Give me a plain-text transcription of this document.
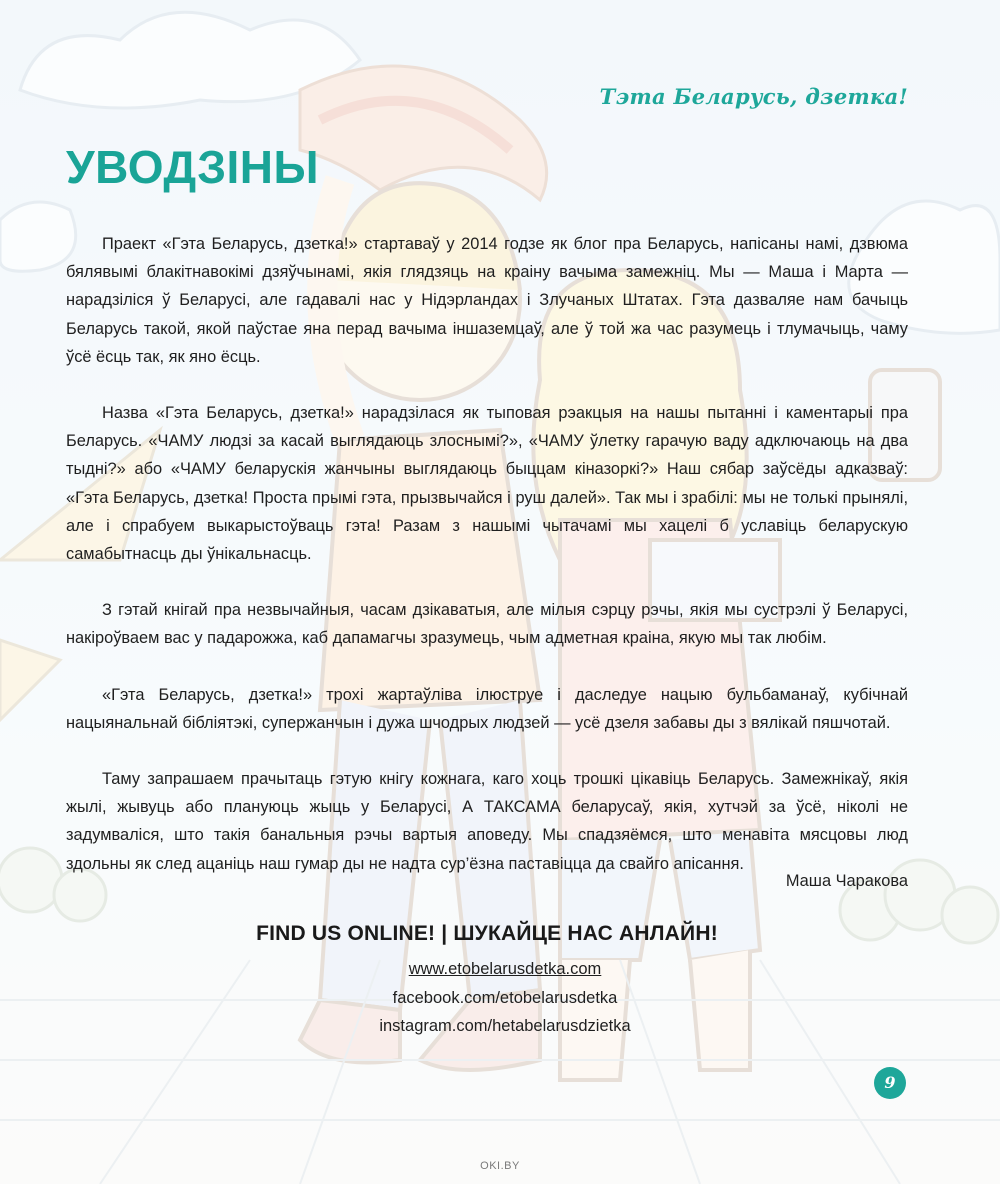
Тэта Беларусь, дзетка!
УВОДЗІНЫ

Праект «Гэта Беларусь, дзетка!» стартаваў у 2014 годзе як блог пра Беларусь, напісаны намі, дзвюма бялявымі блакітнавокімі дзяўчынамі, якія глядзяць на краіну вачыма замежніц. Мы — Маша і Марта — нарадзіліся ў Беларусі, але гадавалі нас у Нідэрландах і Злучаных Штатах. Гэта дазваляе нам бачыць Беларусь такой, якой паўстае яна перад вачыма іншаземцаў, але ў той жа час разумець і тлумачыць, чаму ўсё ёсць так, як яно ёсць.

Назва «Гэта Беларусь, дзетка!» нарадзілася як тыповая рэакцыя на нашы пытанні і каментарыі пра Беларусь. «ЧАМУ людзі за касай выглядаюць злоснымі?», «ЧАМУ ўлетку гарачую ваду адключаюць на два тыдні?» або «ЧАМУ беларускія жанчыны выглядаюць быццам кіназоркі?» Наш сябар заўсёды адказваў: «Гэта Беларусь, дзетка! Проста прымі гэта, прызвычайся і руш далей». Так мы і зрабілі: мы не толькі прынялі, але і спрабуем выкарыстоўваць гэта! Разам з нашымі чытачамі мы хацелі б уславіць беларускую самабытнасць ды ўнікальнасць.

З гэтай кнігай пра незвычайныя, часам дзікаватыя, але мілыя сэрцу рэчы, якія мы сустрэлі ў Беларусі, накіроўваем вас у падарожжа, каб дапамагчы зразумець, чым адметная краіна, якую мы так любім.

«Гэта Беларусь, дзетка!» трохі жартаўліва ілюструе і даследуе нацыю бульбаманаў, кубічнай нацыянальнай бібліятэкі, супержанчын і дужа шчодрых людзей — усё дзеля забавы ды з вялікай пяшчотай.

Таму запрашаем прачытаць гэтую кнігу кожнага, каго хоць трошкі цікавіць Беларусь. Замежнікаў, якія жылі, жывуць або плануюць жыць у Беларусі, А ТАКСАМА беларусаў, якія, хутчэй за ўсё, ніколі не задумваліся, што такія банальныя рэчы вартыя аповеду. Мы спадзяёмся, што менавіта мясцовы люд здольны як след ацаніць наш гумар ды не надта сур’ёзна паставіцца да свайго апісання.

Маша Чаракова
FIND US ONLINE! | ШУКАЙЦЕ НАС АНЛАЙН!
www.etobelarusdetka.com
facebook.com/etobelarusdetka
instagram.com/hetabelarusdzietka
9
OKI.BY
